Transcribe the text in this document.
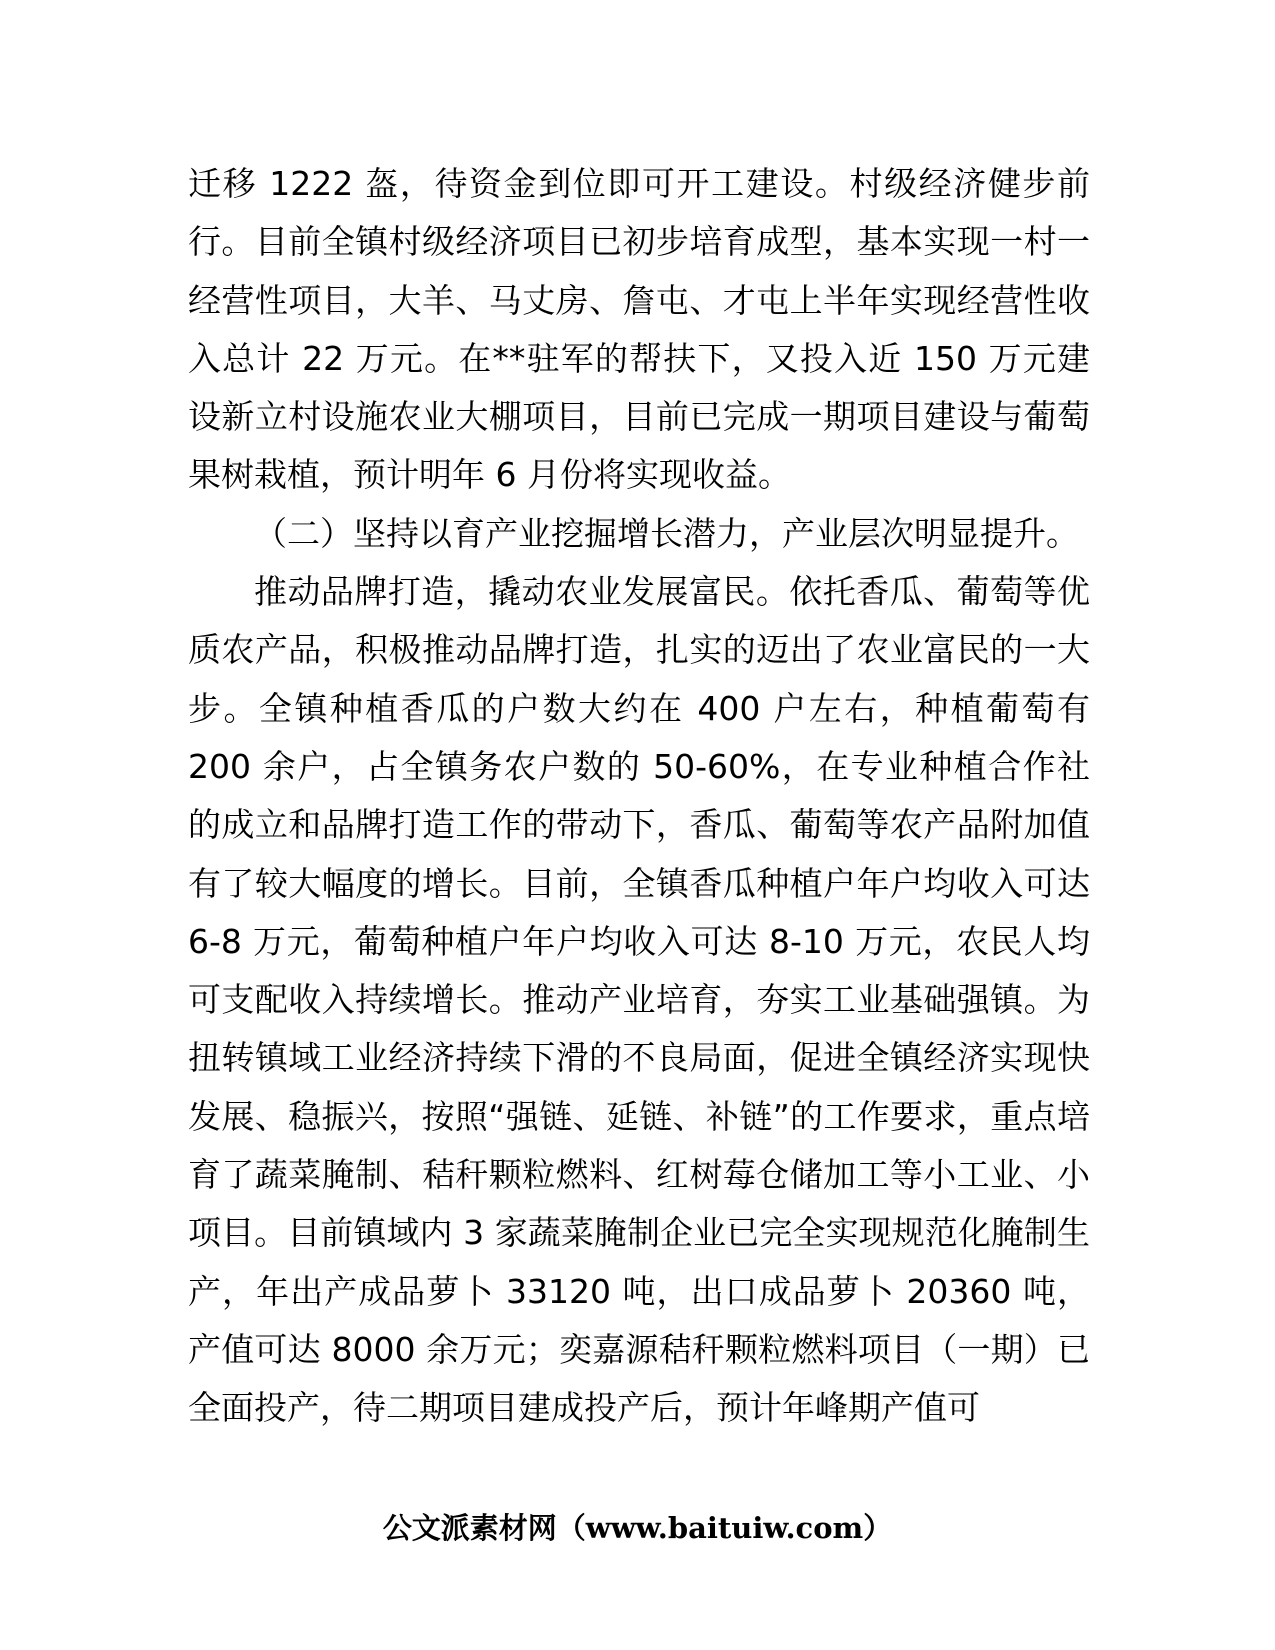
迁移 1222 盔，待资金到位即可开工建设。村级经济健步前行。目前全镇村级经济项目已初步培育成型，基本实现一村一经营性项目，大羊、马丈房、詹屯、才屯上半年实现经营性收入总计 22 万元。在**驻军的帮扶下，又投入近 150 万元建设新立村设施农业大棚项目，目前已完成一期项目建设与葡萄果树栽植，预计明年 6 月份将实现收益。

（二）坚持以育产业挖掘增长潜力，产业层次明显提升。

推动品牌打造，撬动农业发展富民。依托香瓜、葡萄等优质农产品，积极推动品牌打造，扎实的迈出了农业富民的一大步。全镇种植香瓜的户数大约在 400 户左右，种植葡萄有 200 余户，占全镇务农户数的 50-60%，在专业种植合作社的成立和品牌打造工作的带动下，香瓜、葡萄等农产品附加值有了较大幅度的增长。目前，全镇香瓜种植户年户均收入可达 6-8 万元，葡萄种植户年户均收入可达 8-10 万元，农民人均可支配收入持续增长。推动产业培育，夯实工业基础强镇。为扭转镇域工业经济持续下滑的不良局面，促进全镇经济实现快发展、稳振兴，按照“强链、延链、补链”的工作要求，重点培育了蔬菜腌制、秸秆颗粒燃料、红树莓仓储加工等小工业、小项目。目前镇域内 3 家蔬菜腌制企业已完全实现规范化腌制生产，年出产成品萝卜 33120 吨，出口成品萝卜 20360 吨，产值可达 8000 余万元；奕嘉源秸秆颗粒燃料项目（一期）已全面投产，待二期项目建成投产后，预计年峰期产值可

公文派素材网（www.baituiw.com）
